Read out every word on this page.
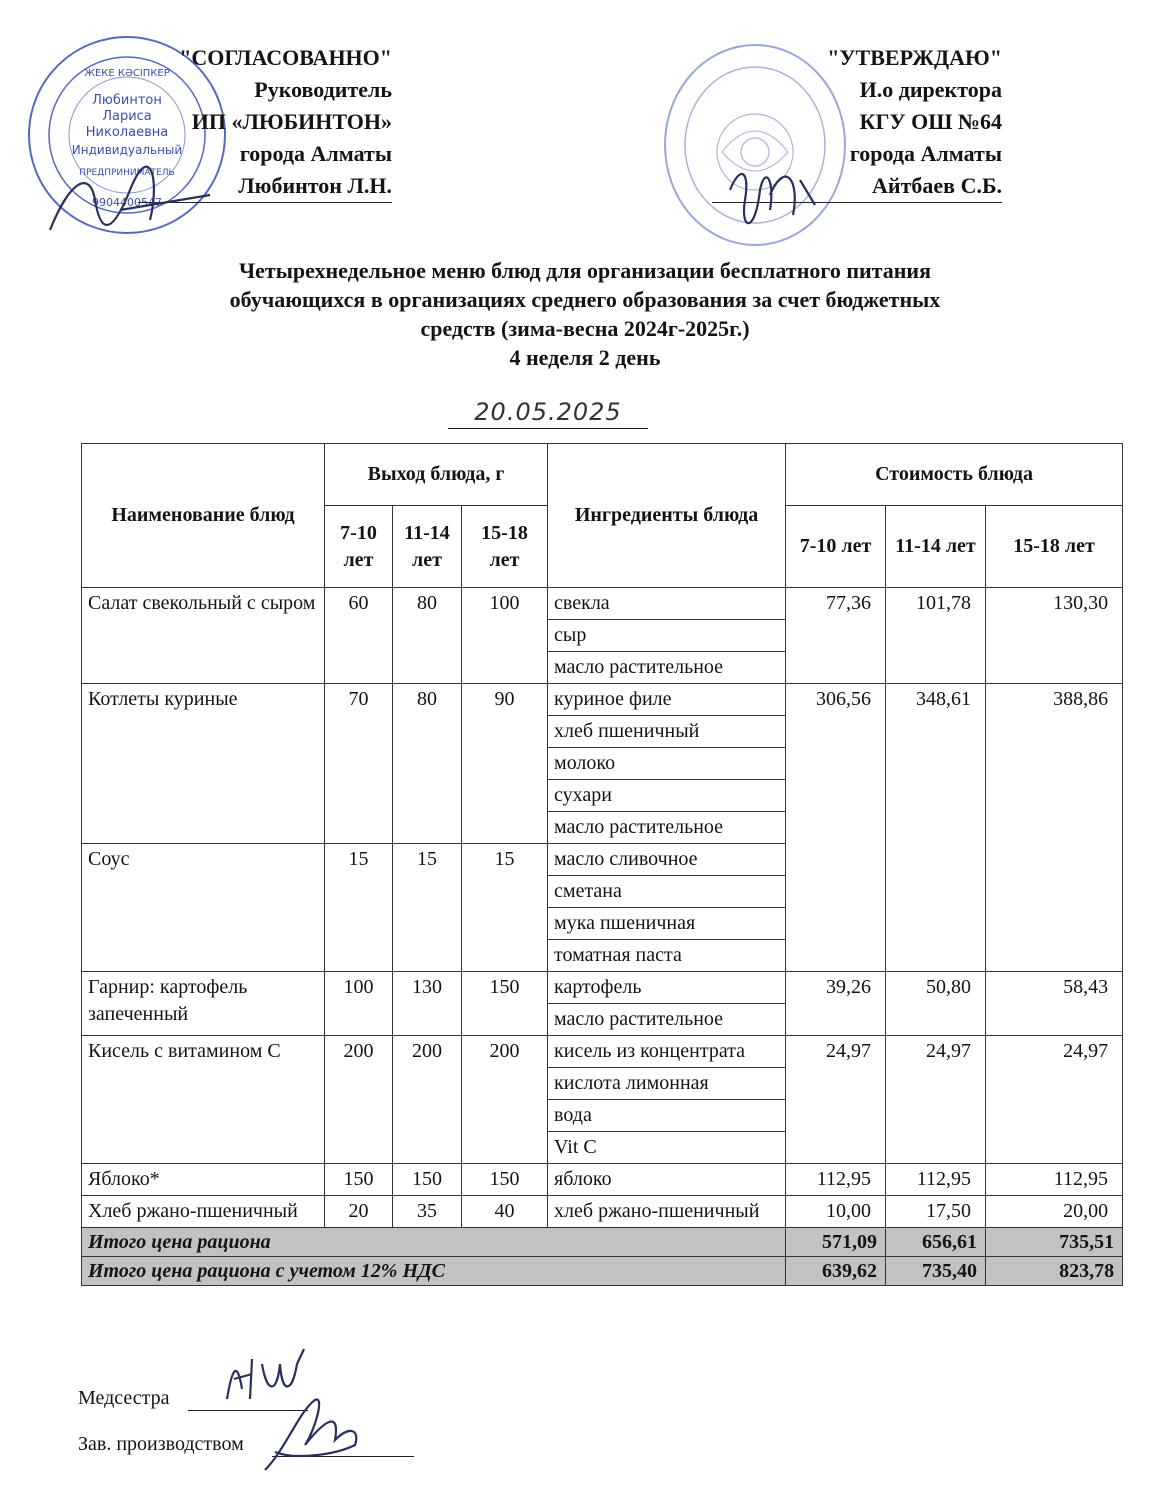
ЖЕКЕ КӘСІПКЕР
Любинтон
Лариса
Николаевна
Индивидуальный
ПРЕДПРИНИМАТЕЛЬ
9904400547
"СОГЛАСОВАННО"
Руководитель
ИП «ЛЮБИНТОН»
города Алматы
Любинтон Л.Н.
"УТВЕРЖДАЮ"
И.о директора
КГУ ОШ №64
города Алматы
Айтбаев С.Б.
Четырехнедельное меню блюд для организации бесплатного питания
обучающихся в организациях среднего образования за счет бюджетных
средств (зима-весна 2024г-2025г.)
4 неделя 2 день
20.05.2025
Наименование блюд	Выход блюда, г			Ингредиенты блюда	Стоимость блюда		
	7-10 лет	11-14 лет	15-18 лет		7-10 лет	11-14 лет	15-18 лет
Салат свекольный с сыром	60	80	100	свекла	77,36	101,78	130,30
				сыр			
				масло растительное			
Котлеты куриные	70	80	90	куриное филе	306,56	348,61	388,86
				хлеб пшеничный			
				молоко			
				сухари			
				масло растительное			
Соус	15	15	15	масло сливочное			
				сметана			
				мука пшеничная			
				томатная паста			
Гарнир: картофель запеченный	100	130	150	картофель	39,26	50,80	58,43
				масло растительное			
Кисель с витамином С	200	200	200	кисель из концентрата	24,97	24,97	24,97
				кислота лимонная			
				вода			
				Vit C			
Яблоко*	150	150	150	яблоко	112,95	112,95	112,95
Хлеб ржано-пшеничный	20	35	40	хлеб ржано-пшеничный	10,00	17,50	20,00
Итого цена рациона					571,09	656,61	735,51
Итого цена рациона с учетом 12% НДС					639,62	735,40	823,78
Медсестра
Зав. производством
